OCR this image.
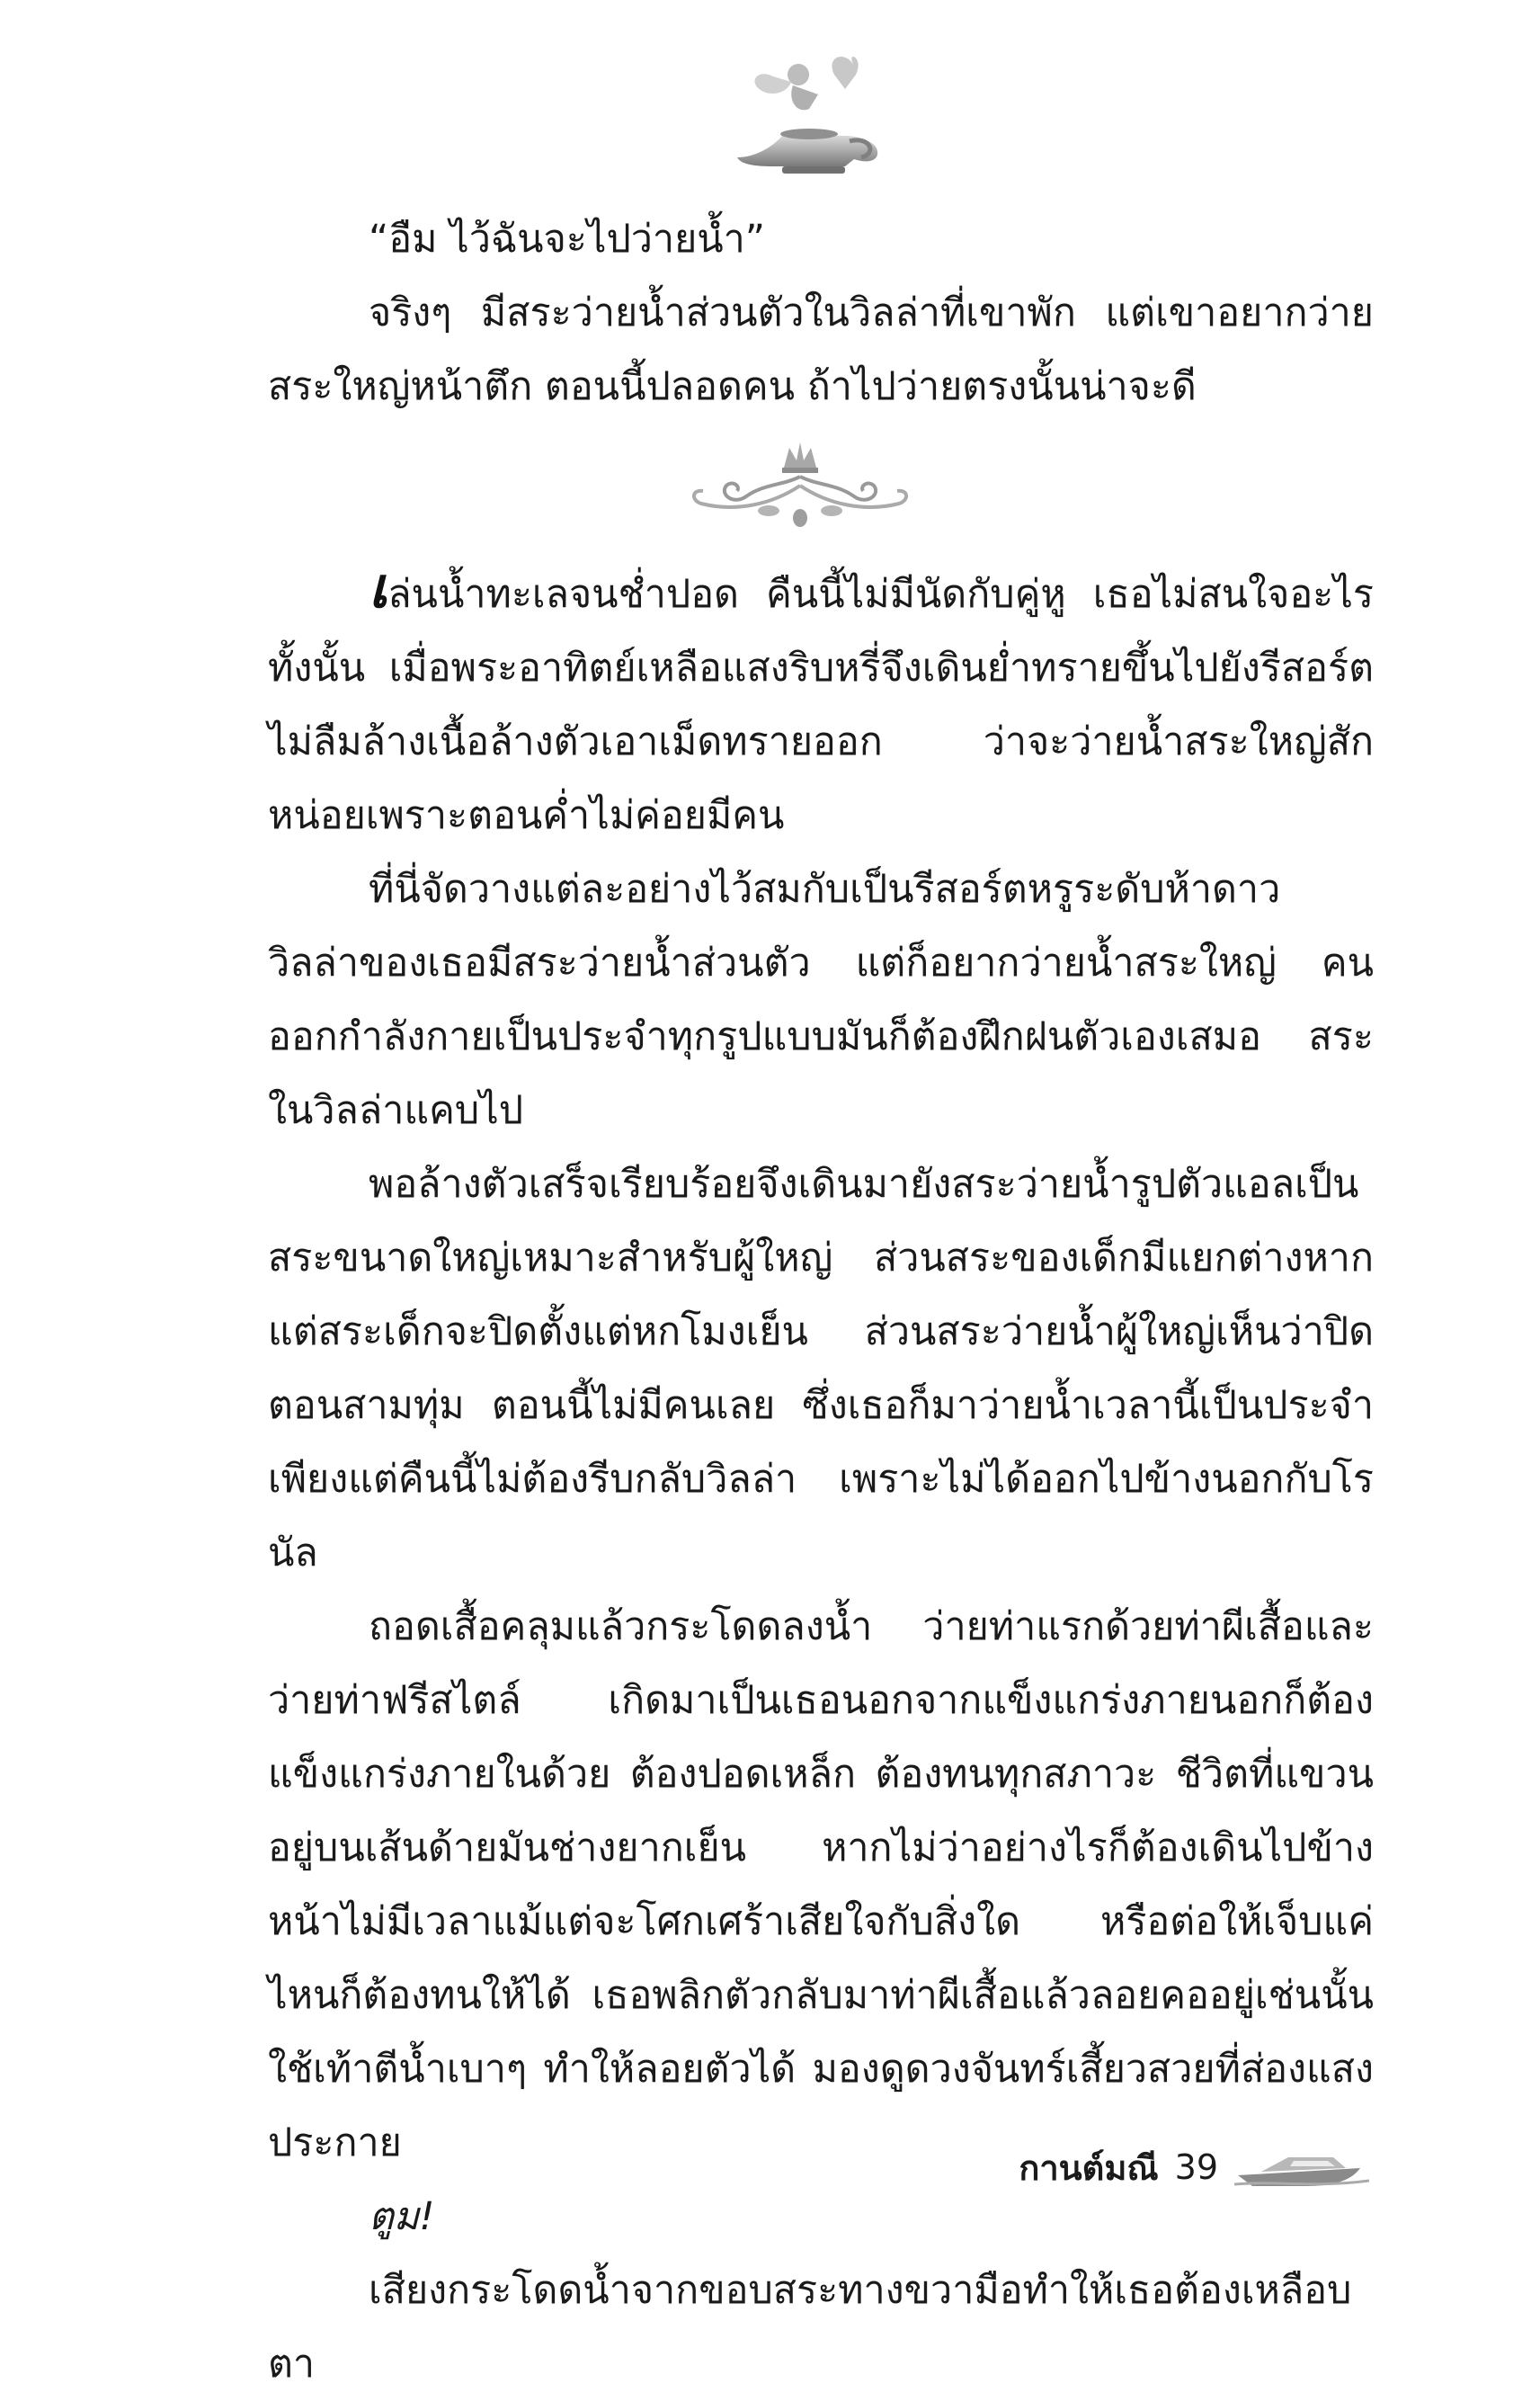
“อืม ไว้ฉันจะไปว่ายน้ำ”

จริงๆ มีสระว่ายน้ำส่วนตัวในวิลล่าที่เขาพัก แต่เขาอยากว่ายสระใหญ่หน้าตึก ตอนนี้ปลอดคน ถ้าไปว่ายตรงนั้นน่าจะดี

เล่นน้ำทะเลจนช่ำปอด คืนนี้ไม่มีนัดกับคู่หู เธอไม่สนใจอะไรทั้งนั้น เมื่อพระอาทิตย์เหลือแสงริบหรี่จึงเดินย่ำทรายขึ้นไปยังรีสอร์ตไม่ลืมล้างเนื้อล้างตัวเอาเม็ดทรายออก ว่าจะว่ายน้ำสระใหญ่สักหน่อยเพราะตอนค่ำไม่ค่อยมีคน

ที่นี่จัดวางแต่ละอย่างไว้สมกับเป็นรีสอร์ตหรูระดับห้าดาว วิลล่าของเธอมีสระว่ายน้ำส่วนตัว แต่ก็อยากว่ายน้ำสระใหญ่ คนออกกำลังกายเป็นประจำทุกรูปแบบมันก็ต้องฝึกฝนตัวเองเสมอ สระในวิลล่าแคบไป

พอล้างตัวเสร็จเรียบร้อยจึงเดินมายังสระว่ายน้ำรูปตัวแอลเป็นสระขนาดใหญ่เหมาะสำหรับผู้ใหญ่ ส่วนสระของเด็กมีแยกต่างหากแต่สระเด็กจะปิดตั้งแต่หกโมงเย็น ส่วนสระว่ายน้ำผู้ใหญ่เห็นว่าปิดตอนสามทุ่ม ตอนนี้ไม่มีคนเลย ซึ่งเธอก็มาว่ายน้ำเวลานี้เป็นประจำเพียงแต่คืนนี้ไม่ต้องรีบกลับวิลล่า เพราะไม่ได้ออกไปข้างนอกกับโรนัล

ถอดเสื้อคลุมแล้วกระโดดลงน้ำ ว่ายท่าแรกด้วยท่าผีเสื้อและว่ายท่าฟรีสไตล์ เกิดมาเป็นเธอนอกจากแข็งแกร่งภายนอกก็ต้องแข็งแกร่งภายในด้วย ต้องปอดเหล็ก ต้องทนทุกสภาวะ ชีวิตที่แขวนอยู่บนเส้นด้ายมันช่างยากเย็น หากไม่ว่าอย่างไรก็ต้องเดินไปข้างหน้าไม่มีเวลาแม้แต่จะโศกเศร้าเสียใจกับสิ่งใด หรือต่อให้เจ็บแค่ไหนก็ต้องทนให้ได้ เธอพลิกตัวกลับมาท่าผีเสื้อแล้วลอยคออยู่เช่นนั้น ใช้เท้าตีน้ำเบาๆ ทำให้ลอยตัวได้ มองดูดวงจันทร์เสี้ยวสวยที่ส่องแสงประกาย

ตูม!

เสียงกระโดดน้ำจากขอบสระทางขวามือทำให้เธอต้องเหลือบตา

กานต์มณี 39
